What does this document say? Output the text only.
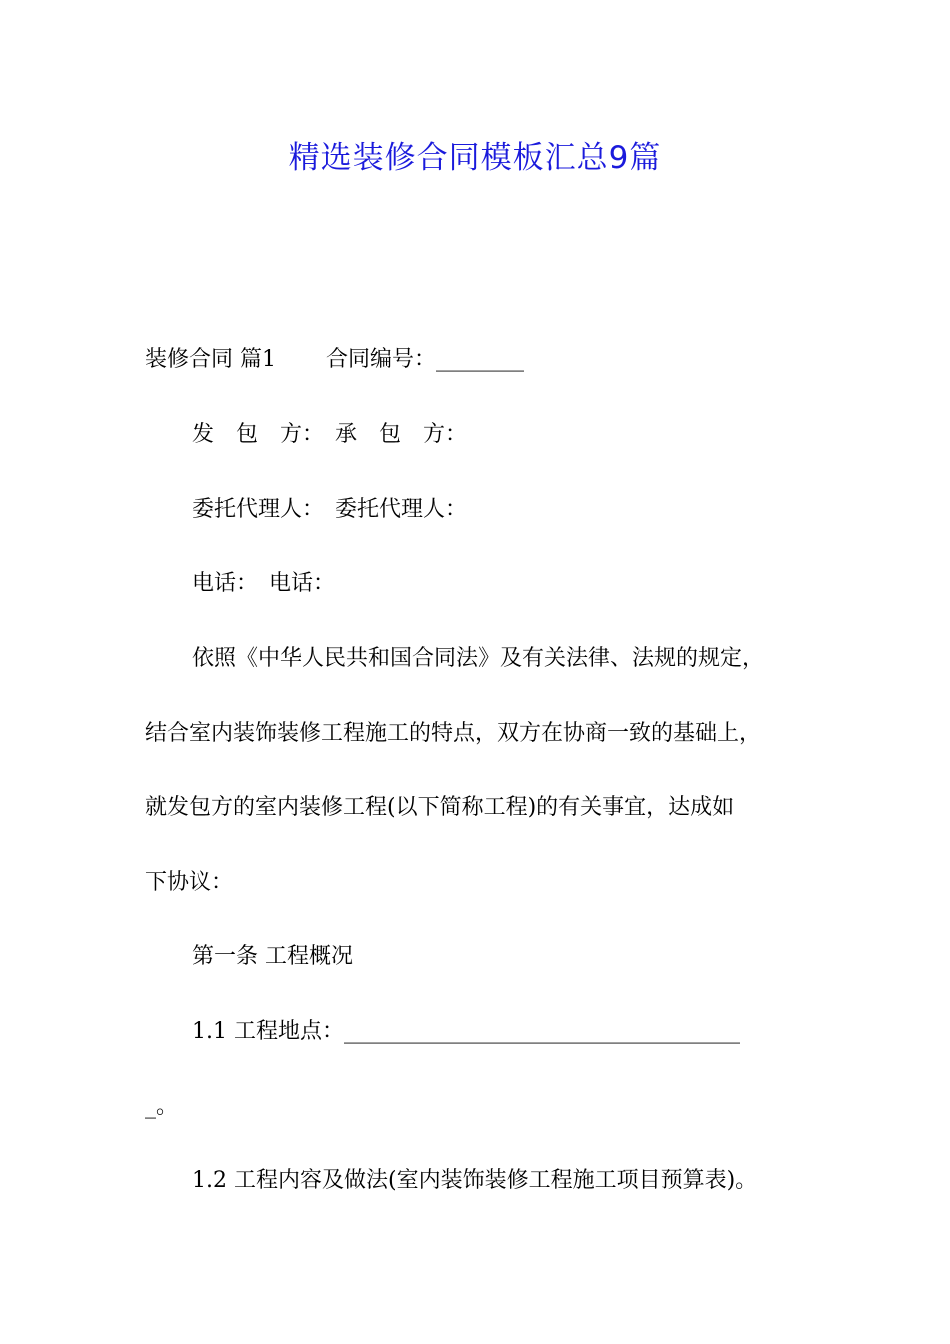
精选装修合同模板汇总9篇

装修合同 篇1 合同编号：________

发　包　方：　承　包　方：

委托代理人：　委托代理人：

电话：　电话：

依照《中华人民共和国合同法》及有关法律、法规的规定，

结合室内装饰装修工程施工的特点，双方在协商一致的基础上，

就发包方的室内装修工程(以下简称工程)的有关事宜，达成如

下协议：

第一条 工程概况

1.1 工程地点：____________________________________

_。

1.2 工程内容及做法(室内装饰装修工程施工项目预算表)。
